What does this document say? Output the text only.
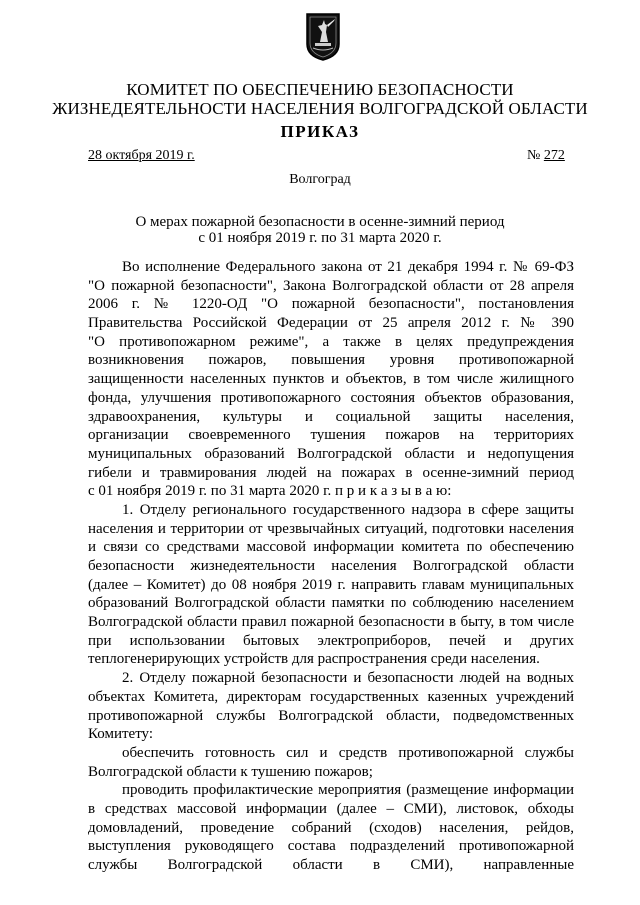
КОМИТЕТ ПО ОБЕСПЕЧЕНИЮ БЕЗОПАСНОСТИ
ЖИЗНЕДЕЯТЕЛЬНОСТИ НАСЕЛЕНИЯ ВОЛГОГРАДСКОЙ ОБЛАСТИ
ПРИКАЗ
28 октября 2019 г.	№ 272
Волгоград
О мерах пожарной безопасности в осенне-зимний период
с 01 ноября 2019 г. по 31 марта 2020 г.
Во исполнение Федерального закона от 21 декабря 1994 г. № 69-ФЗ
"О пожарной безопасности", Закона Волгоградской области от 28 апреля
2006 г. № 1220-ОД "О пожарной безопасности", постановления
Правительства Российской Федерации от 25 апреля 2012 г. № 390
"О противопожарном режиме", а также в целях предупреждения
возникновения пожаров, повышения уровня противопожарной
защищенности населенных пунктов и объектов, в том числе жилищного
фонда, улучшения противопожарного состояния объектов образования,
здравоохранения, культуры и социальной защиты населения,
организации своевременного тушения пожаров на территориях
муниципальных образований Волгоградской области и недопущения
гибели и травмирования людей на пожарах в осенне-зимний период
с 01 ноября 2019 г. по 31 марта 2020 г. п р и к а з ы в а ю:
1. Отделу регионального государственного надзора в сфере защиты
населения и территории от чрезвычайных ситуаций, подготовки населения
и связи со средствами массовой информации комитета по обеспечению
безопасности жизнедеятельности населения Волгоградской области
(далее – Комитет) до 08 ноября 2019 г. направить главам муниципальных
образований Волгоградской области памятки по соблюдению населением
Волгоградской области правил пожарной безопасности в быту, в том числе
при использовании бытовых электроприборов, печей и других
теплогенерирующих устройств для распространения среди населения.
2. Отделу пожарной безопасности и безопасности людей на водных
объектах Комитета, директорам государственных казенных учреждений
противопожарной службы Волгоградской области, подведомственных
Комитету:
обеспечить готовность сил и средств противопожарной службы
Волгоградской области к тушению пожаров;
проводить профилактические мероприятия (размещение информации
в средствах массовой информации (далее – СМИ), листовок, обходы
домовладений, проведение собраний (сходов) населения, рейдов,
выступления руководящего состава подразделений противопожарной
службы Волгоградской области в СМИ), направленные
